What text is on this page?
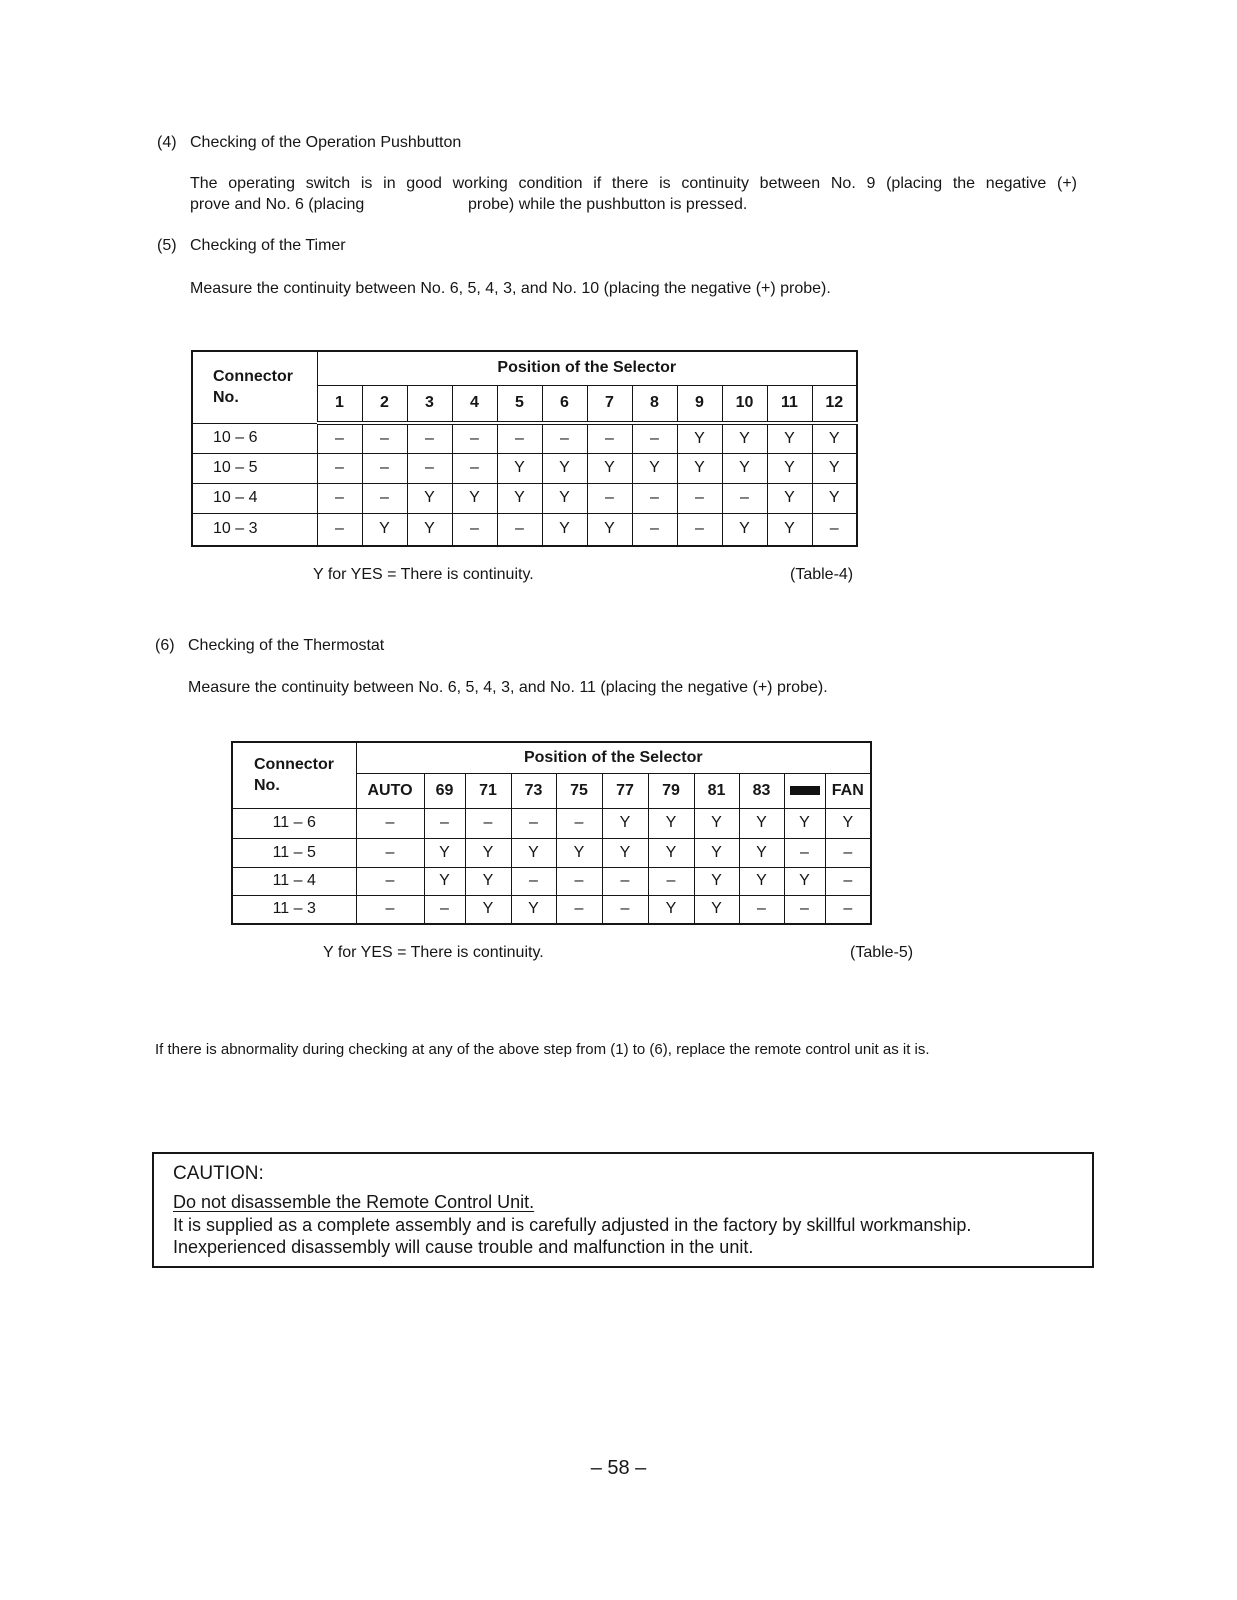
(4) Checking of the Operation Pushbutton
The operating switch is in good working condition if there is continuity between No. 9 (placing the negative (+)
prove and No. 6 (placing	probe) while the pushbutton is pressed.
(5) Checking of the Timer
Measure the continuity between No. 6, 5, 4, 3, and No. 10 (placing the negative (+) probe).
Connector
No.	Position of the Selector											
	1	2	3	4	5	6	7	8	9	10	11	12
10 – 6	–	–	–	–	–	–	–	–	Y	Y	Y	Y
10 – 5	–	–	–	–	Y	Y	Y	Y	Y	Y	Y	Y
10 – 4	–	–	Y	Y	Y	Y	–	–	–	–	Y	Y
10 – 3	–	Y	Y	–	–	Y	Y	–	–	Y	Y	–
Y for YES = There is continuity.	(Table-4)
(6) Checking of the Thermostat
Measure the continuity between No. 6, 5, 4, 3, and No. 11 (placing the negative (+) probe).
Connector
No.	Position of the Selector										
	AUTO	69	71	73	75	77	79	81	83		FAN
11 – 6	–	–	–	–	–	Y	Y	Y	Y	Y	Y
11 – 5	–	Y	Y	Y	Y	Y	Y	Y	Y	–	–
11 – 4	–	Y	Y	–	–	–	–	Y	Y	Y	–
11 – 3	–	–	Y	Y	–	–	Y	Y	–	–	–
Y for YES = There is continuity.	(Table-5)
If there is abnormality during checking at any of the above step from (1) to (6), replace the remote control unit as it is.
CAUTION:
Do not disassemble the Remote Control Unit.
It is supplied as a complete assembly and is carefully adjusted in the factory by skillful workmanship.
Inexperienced disassembly will cause trouble and malfunction in the unit.
– 58 –
